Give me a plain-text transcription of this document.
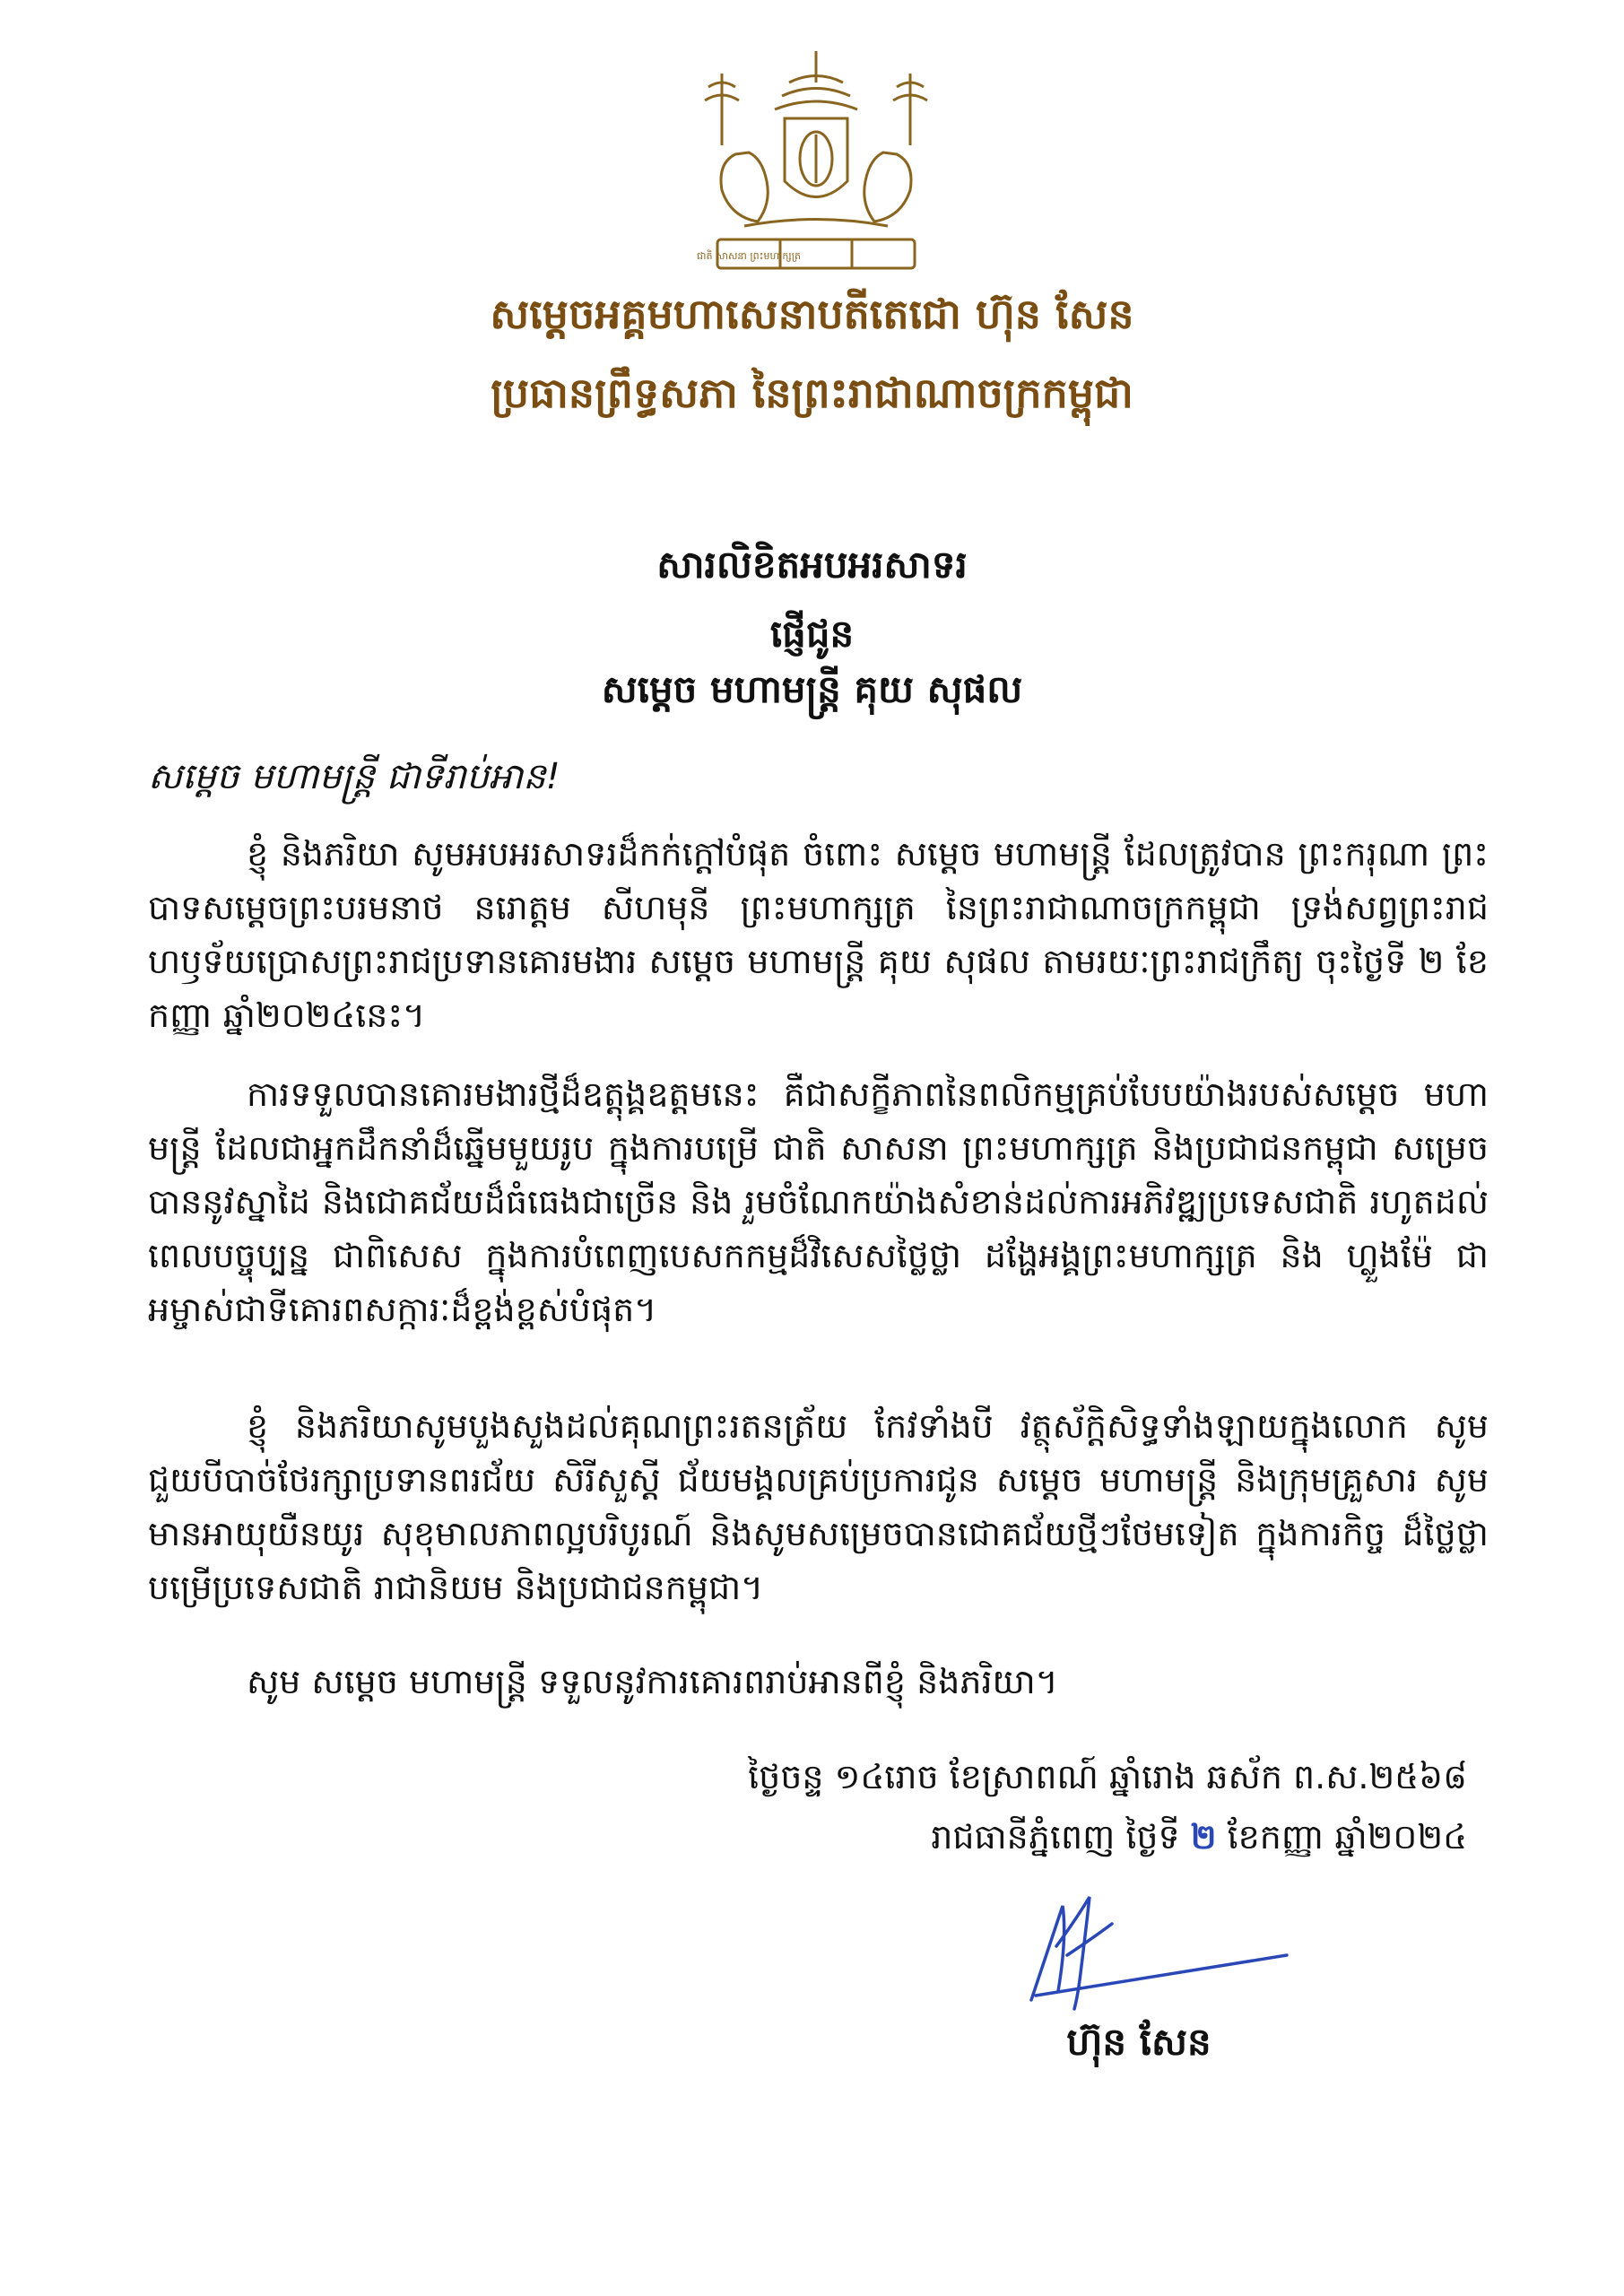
ជាតិ សាសនា ព្រះមហាក្សត្រ
សម្តេចអគ្គមហាសេនាបតីតេជោ ហ៊ុន សែន
ប្រធានព្រឹទ្ធសភា នៃព្រះរាជាណាចក្រកម្ពុជា
សារលិខិតអបអរសាទរ
ផ្ញើជូន
សម្តេច មហាមន្ត្រី គុយ សុផល
សម្តេច មហាមន្ត្រី ជាទីរាប់អាន!
ខ្ញុំ និងភរិយា សូមអបអរសាទរដ៏កក់ក្តៅបំផុត ចំពោះ សម្តេច មហាមន្ត្រី ដែលត្រូវបាន ព្រះករុណា ព្រះបាទសម្តេចព្រះបរមនាថ នរោត្តម សីហមុនី ព្រះមហាក្សត្រ នៃព្រះរាជាណាចក្រកម្ពុជា ទ្រង់សព្វព្រះរាជហឫទ័យប្រោសព្រះរាជប្រទានគោរមងារ សម្តេច មហាមន្ត្រី គុយ សុផល តាមរយៈព្រះរាជក្រឹត្យ ចុះថ្ងៃទី ២ ខែកញ្ញា ឆ្នាំ២០២៤នេះ។
ការទទួលបានគោរមងារថ្មីដ៏ឧត្តុង្គឧត្តមនេះ គឺជាសក្ខីភាពនៃពលិកម្មគ្រប់បែបយ៉ាងរបស់សម្តេច មហាមន្ត្រី ដែលជាអ្នកដឹកនាំដ៏ឆ្នើមមួយរូប ក្នុងការបម្រើ ជាតិ សាសនា ព្រះមហាក្សត្រ និងប្រជាជនកម្ពុជា សម្រេចបាននូវស្នាដៃ និងជោគជ័យដ៏ធំធេងជាច្រើន និង រួមចំណែកយ៉ាងសំខាន់ដល់ការអភិវឌ្ឍប្រទេសជាតិ រហូតដល់ពេលបច្ចុប្បន្ន ជាពិសេស ក្នុងការបំពេញបេសកកម្មដ៏វិសេសថ្លៃថ្លា ដង្ហែអង្គព្រះមហាក្សត្រ និង ហ្លួងម៉ែ ជាអម្ចាស់ជាទីគោរពសក្ការៈដ៏ខ្ពង់ខ្ពស់បំផុត។
ខ្ញុំ និងភរិយាសូមបួងសួងដល់គុណព្រះរតនត្រ័យ កែវទាំងបី វត្ថុស័ក្តិសិទ្ធទាំងឡាយក្នុងលោក សូម ជួយបីបាច់ថែរក្សាប្រទានពរជ័យ សិរីសួស្តី ជ័យមង្គលគ្រប់ប្រការជូន សម្តេច មហាមន្ត្រី និងក្រុមគ្រួសារ សូម មានអាយុយឺនយូរ សុខុមាលភាពល្អបរិបូរណ៍ និងសូមសម្រេចបានជោគជ័យថ្មីៗថែមទៀត ក្នុងការកិច្ច ដ៏ថ្លៃថ្លាបម្រើប្រទេសជាតិ រាជានិយម និងប្រជាជនកម្ពុជា។
សូម សម្តេច មហាមន្ត្រី ទទួលនូវការគោរពរាប់អានពីខ្ញុំ និងភរិយា។
ថ្ងៃចន្ទ ១៤រោច ខែស្រាពណ៍ ឆ្នាំរោង ឆស័ក ព.ស.២៥៦៨
រាជធានីភ្នំពេញ ថ្ងៃទី ២ ខែកញ្ញា ឆ្នាំ២០២៤
ហ៊ុន សែន
